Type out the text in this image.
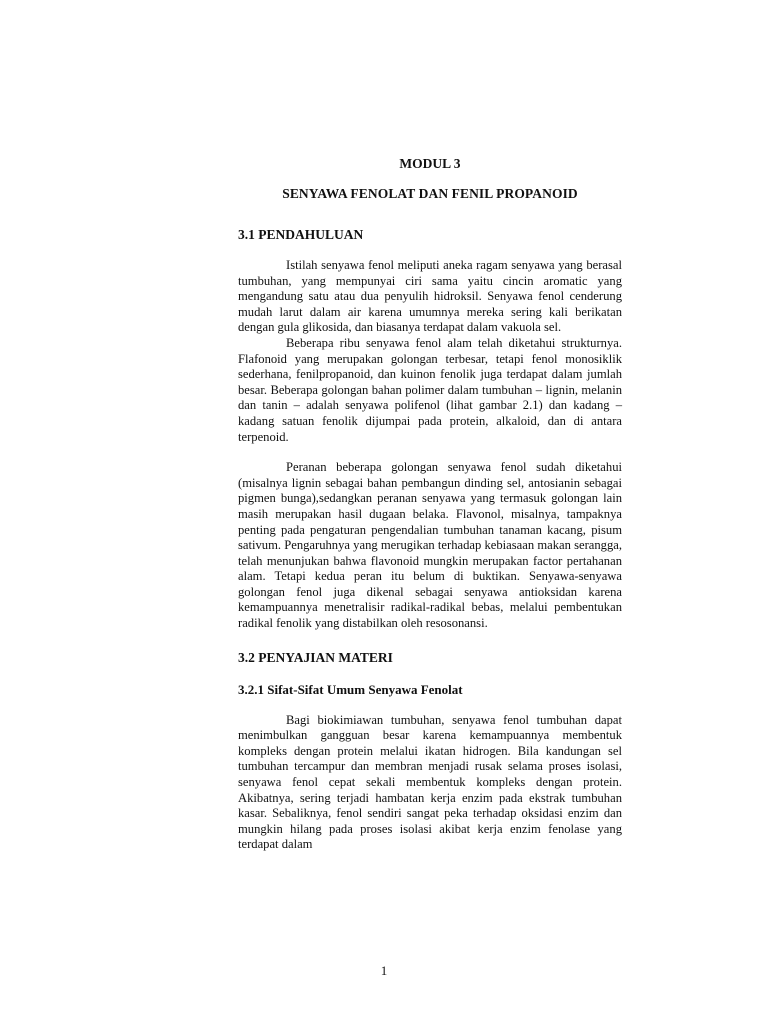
MODUL 3
SENYAWA FENOLAT DAN FENIL PROPANOID
3.1 PENDAHULUAN

Istilah senyawa fenol meliputi aneka ragam senyawa yang berasal tumbuhan, yang mempunyai ciri sama yaitu cincin aromatic yang mengandung satu atau dua penyulih hidroksil. Senyawa fenol cenderung mudah larut dalam air karena umumnya mereka sering kali berikatan dengan gula glikosida, dan biasanya terdapat dalam vakuola sel.

Beberapa ribu senyawa fenol alam telah diketahui strukturnya. Flafonoid yang merupakan golongan terbesar, tetapi fenol monosiklik sederhana, fenilpropanoid, dan kuinon fenolik juga terdapat dalam jumlah besar. Beberapa golongan bahan polimer dalam tumbuhan – lignin, melanin dan tanin – adalah senyawa polifenol (lihat gambar 2.1) dan kadang – kadang satuan fenolik dijumpai pada protein, alkaloid, dan di antara terpenoid.

Peranan beberapa golongan senyawa fenol sudah diketahui (misalnya lignin sebagai bahan pembangun dinding sel, antosianin sebagai pigmen bunga),sedangkan peranan senyawa yang termasuk golongan lain masih merupakan hasil dugaan belaka. Flavonol, misalnya, tampaknya penting pada pengaturan pengendalian tumbuhan tanaman kacang, pisum sativum. Pengaruhnya yang merugikan terhadap kebiasaan makan serangga, telah menunjukan bahwa flavonoid mungkin merupakan factor pertahanan alam. Tetapi kedua peran itu belum di buktikan. Senyawa-senyawa golongan fenol juga dikenal sebagai senyawa antioksidan karena kemampuannya menetralisir radikal-radikal bebas, melalui pembentukan radikal fenolik yang distabilkan oleh resosonansi.

3.2 PENYAJIAN MATERI
3.2.1 Sifat-Sifat Umum Senyawa Fenolat

Bagi biokimiawan tumbuhan, senyawa fenol tumbuhan dapat menimbulkan gangguan besar karena kemampuannya membentuk kompleks dengan protein melalui ikatan hidrogen. Bila kandungan sel tumbuhan tercampur dan membran menjadi rusak selama proses isolasi, senyawa fenol cepat sekali membentuk kompleks dengan protein. Akibatnya, sering terjadi hambatan kerja enzim pada ekstrak tumbuhan kasar. Sebaliknya, fenol sendiri sangat peka terhadap oksidasi enzim dan mungkin hilang pada proses isolasi akibat kerja enzim fenolase yang terdapat dalam

1
